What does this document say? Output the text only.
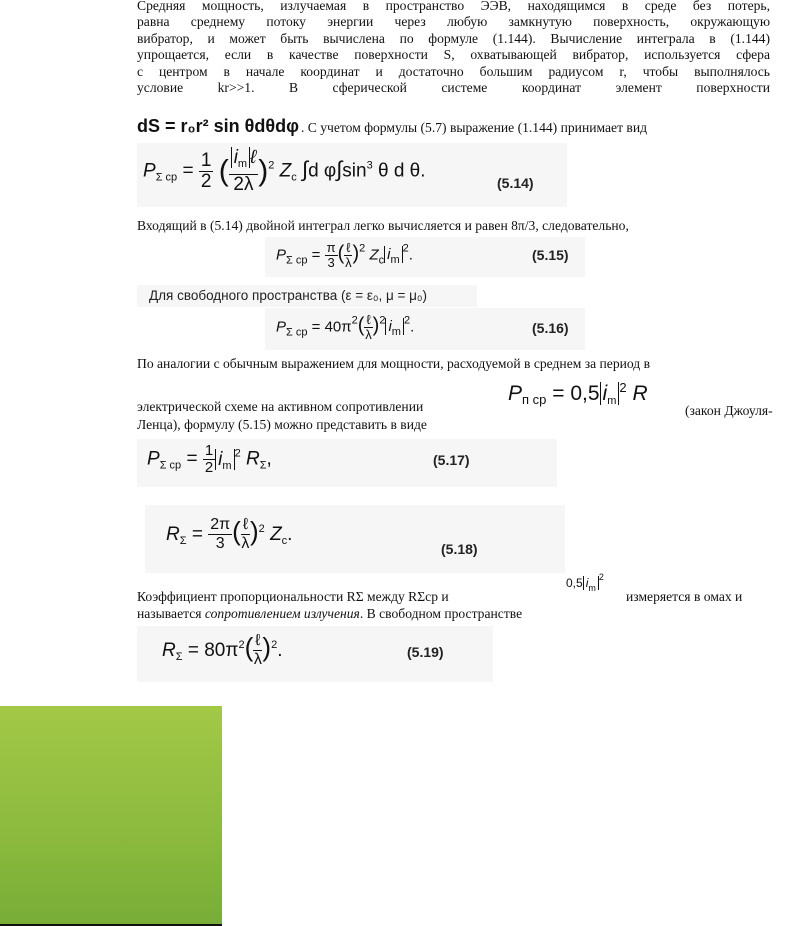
Средняя мощность, излучаемая в пространство ЭЭВ, находящимся в среде без потерь,
равна среднему потоку энергии через любую замкнутую поверхность, окружающую
вибратор, и может быть вычислена по формуле (1.144). Вычисление интеграла в (1.144)
упрощается, если в качестве поверхности S, охватывающей вибратор, используется сфера
с центром в начале координат и достаточно большим радиусом r, чтобы выполнялось
условие kr>>1. В сферической системе координат элемент поверхности
dS = r₀r² sin θdθdφ . С учетом формулы (5.7) выражение (1.144) принимает вид
$P_{\Sigma ср} = \frac{1}{2}$ ( $\frac{i_m \ell}{2\lambda} )^2$ $Z_c$ ∫d $\varphi\int\sin^3$ θ d θ.
(5.14)
Входящий в (5.14) двойной интеграл легко вычисляется и равен 8π/3, следовательно,
$P_{\Sigma ср} = \frac{\pi}{3}$ ( $\frac{\text{ℓ}}{\lambda} )^2$ $Z_c$ $i_m^2$.	(5.15)
Для свободного пространства (ε = ε₀, μ = μ₀)
$P_{\Sigma ср} = 40\pi^2( \frac{\text{ℓ}}{\lambda} )^2$ $i_m^2$.	(5.16)
По аналогии с обычным выражением для мощности, расходуемой в среднем за период в
электрической схеме на активном сопротивлении
$P_{п ср} = 0,5$ $i_m^2$ R
(закон Джоуля-
Ленца), формулу (5.15) можно представить в виде
$P_{\Sigma ср} = \frac{1}{2} i_m^2$ $R_\Sigma$,	(5.17)
$R_\Sigma = \frac{2\pi}{3}$ ( $\frac{\text{ℓ}}{\lambda} )^2$ $Z_c$.
(5.18)
Коэффициент пропорциональности RΣ между RΣср и
0,5 $i_m^2$
измеряется в омах и
называется сопротивлением излучения. В свободном пространстве
$R_\Sigma = 80\pi^2( \frac{\text{ℓ}}{\lambda} )^2$.	(5.19)
